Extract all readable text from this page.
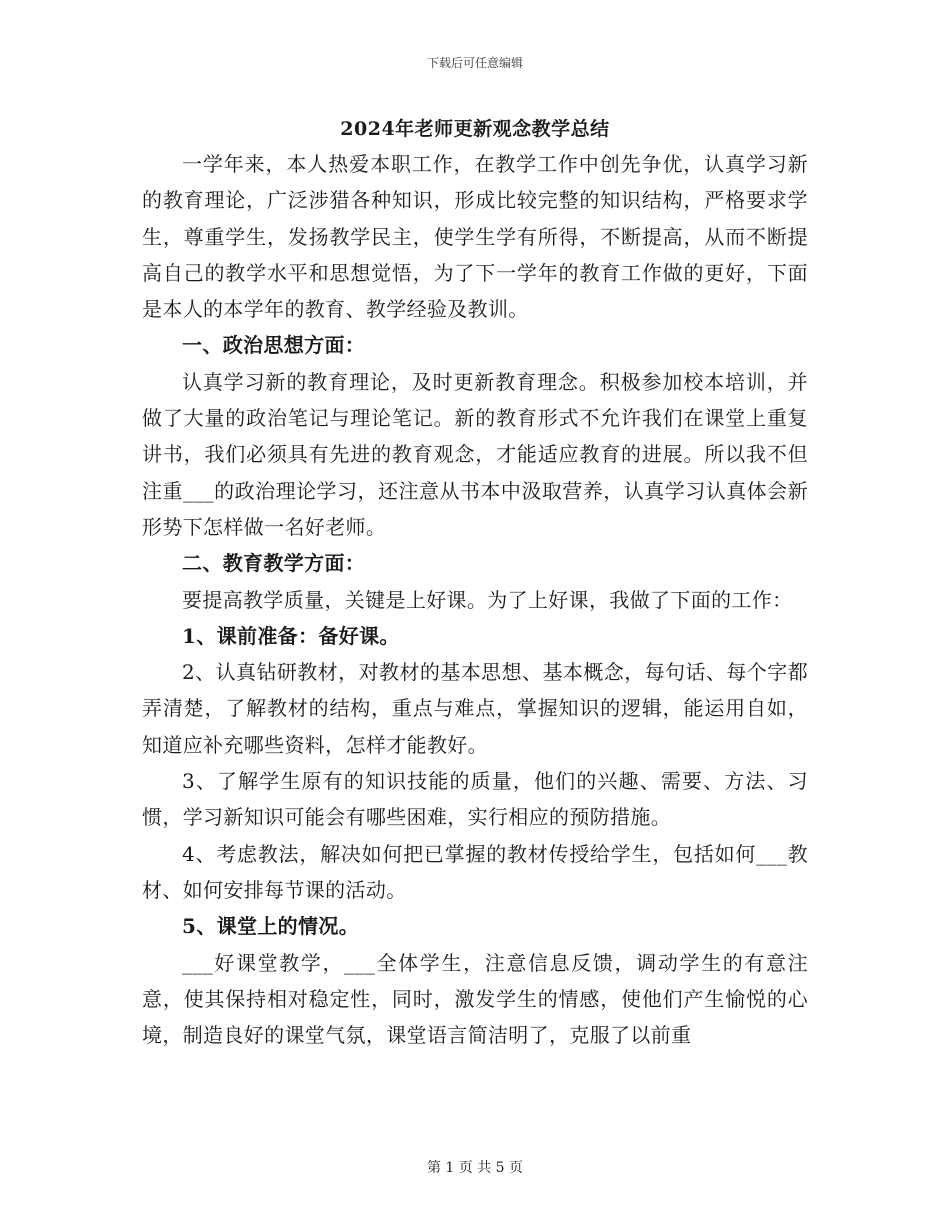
下载后可任意编辑
2024年老师更新观念教学总结

一学年来，本人热爱本职工作，在教学工作中创先争优，认真学习新的教育理论，广泛涉猎各种知识，形成比较完整的知识结构，严格要求学生，尊重学生，发扬教学民主，使学生学有所得，不断提高，从而不断提高自己的教学水平和思想觉悟，为了下一学年的教育工作做的更好，下面是本人的本学年的教育、教学经验及教训。

一、政治思想方面：

认真学习新的教育理论，及时更新教育理念。积极参加校本培训，并做了大量的政治笔记与理论笔记。新的教育形式不允许我们在课堂上重复讲书，我们必须具有先进的教育观念，才能适应教育的进展。所以我不但注重___的政治理论学习，还注意从书本中汲取营养，认真学习认真体会新形势下怎样做一名好老师。

二、教育教学方面：

要提高教学质量，关键是上好课。为了上好课，我做了下面的工作：

1、课前准备：备好课。

2、认真钻研教材，对教材的基本思想、基本概念，每句话、每个字都弄清楚，了解教材的结构，重点与难点，掌握知识的逻辑，能运用自如，知道应补充哪些资料，怎样才能教好。

3、了解学生原有的知识技能的质量，他们的兴趣、需要、方法、习惯，学习新知识可能会有哪些困难，实行相应的预防措施。

4、考虑教法，解决如何把已掌握的教材传授给学生，包括如何___教材、如何安排每节课的活动。

5、课堂上的情况。

___好课堂教学，___全体学生，注意信息反馈，调动学生的有意注意，使其保持相对稳定性，同时，激发学生的情感，使他们产生愉悦的心境，制造良好的课堂气氛，课堂语言简洁明了，克服了以前重

第 1 页 共 5 页
